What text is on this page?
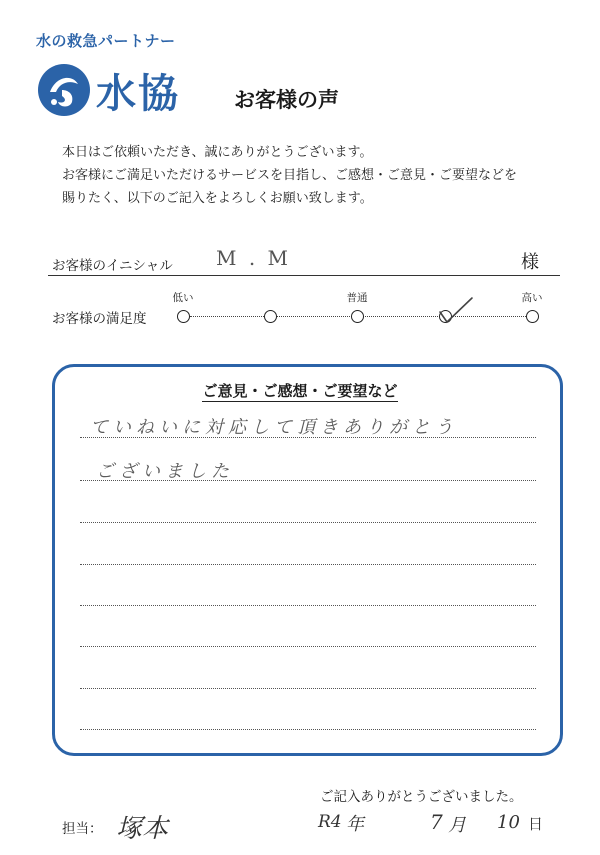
水の救急パートナー
水協	お客様の声
本日はご依頼いただき、誠にありがとうございます。
お客様にご満足いただけるサービスを目指し、ご感想・ご意見・ご要望などを
賜りたく、以下のご記入をよろしくお願い致します。
お客様のイニシャル M . M	様
お客様の満足度
低い	普通	高い
ご意見・ご感想・ご要望など
ていねいに対応して頂きありがとう
ございました
ご記入ありがとうございました。
担当： 塚本	R4 年	7 月 10 日
